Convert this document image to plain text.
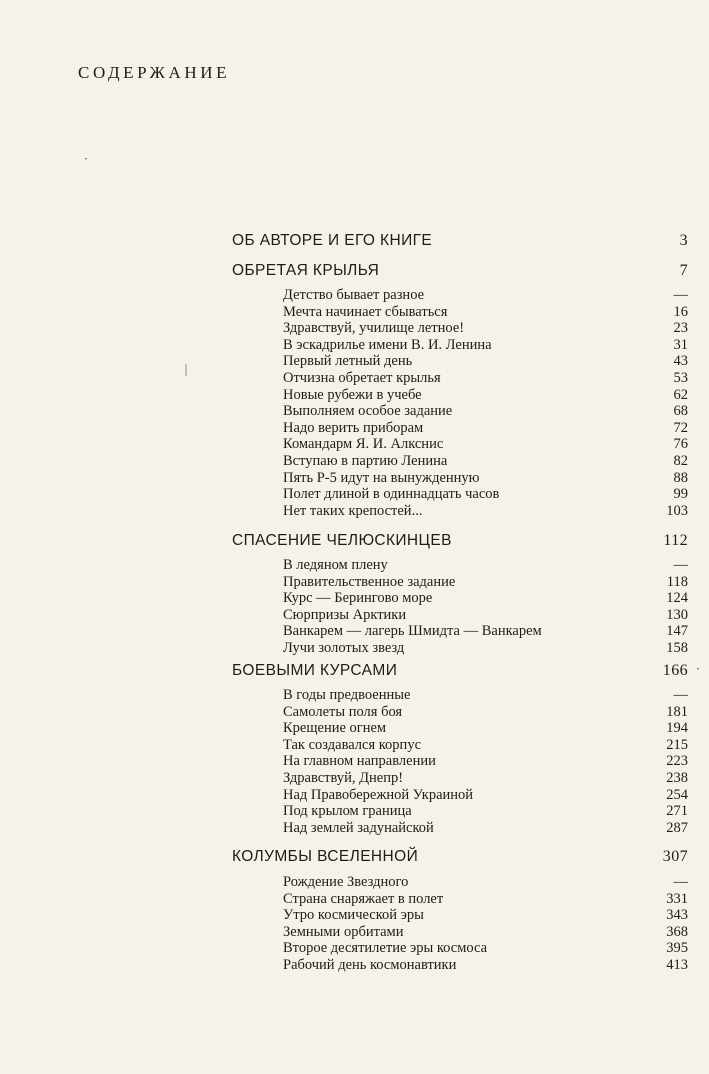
СОДЕРЖАНИЕ
·
|
·
ОБ АВТОРЕ И ЕГО КНИГЕ	3
ОБРЕТАЯ КРЫЛЬЯ	7
Детство бывает разное	—
Мечта начинает сбываться	16
Здравствуй, училище летное!	23
В эскадрилье имени В. И. Ленина	31
Первый летный день	43
Отчизна обретает крылья	53
Новые рубежи в учебе	62
Выполняем особое задание	68
Надо верить приборам	72
Командарм Я. И. Алкснис	76
Вступаю в партию Ленина	82
Пять Р-5 идут на вынужденную	88
Полет длиной в одиннадцать часов	99
Нет таких крепостей...	103
СПАСЕНИЕ ЧЕЛЮСКИНЦЕВ	112
В ледяном плену	—
Правительственное задание	118
Курс — Берингово море	124
Сюрпризы Арктики	130
Ванкарем — лагерь Шмидта — Ванкарем	147
Лучи золотых звезд	158
БОЕВЫМИ КУРСАМИ	166
В годы предвоенные	—
Самолеты поля боя	181
Крещение огнем	194
Так создавался корпус	215
На главном направлении	223
Здравствуй, Днепр!	238
Над Правобережной Украиной	254
Под крылом граница	271
Над землей задунайской	287
КОЛУМБЫ ВСЕЛЕННОЙ	307
Рождение Звездного	—
Страна снаряжает в полет	331
Утро космической эры	343
Земными орбитами	368
Второе десятилетие эры космоса	395
Рабочий день космонавтики	413
